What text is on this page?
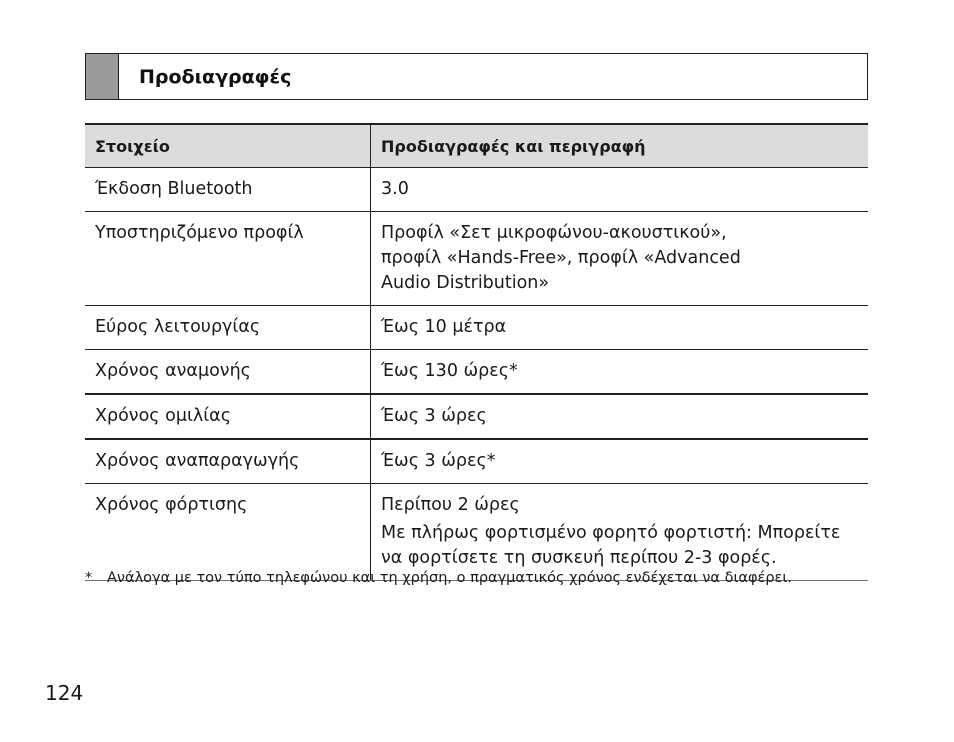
Προδιαγραφές
Στοιχείο	Προδιαγραφές και περιγραφή
Έκδοση Bluetooth	3.0

Υποστηριζόμενο προφίλ	Προφίλ «Σετ μικροφώνου-ακουστικού»,
προφίλ «Hands-Free», προφίλ «Advanced
Audio Distribution»

Εύρος λειτουργίας	Έως 10 μέτρα

Χρόνος αναμονής	Έως 130 ώρες*

Χρόνος ομιλίας	Έως 3 ώρες

Χρόνος αναπαραγωγής	Έως 3 ώρες*

Χρόνος φόρτισης	Περίπου 2 ώρες
Με πλήρως φορτισμένο φορητό φορτιστή: Μπορείτε
να φορτίσετε τη συσκευή περίπου 2-3 φορές.
*	Ανάλογα με τον τύπο τηλεφώνου και τη χρήση, ο πραγματικός χρόνος ενδέχεται να διαφέρει.
124
